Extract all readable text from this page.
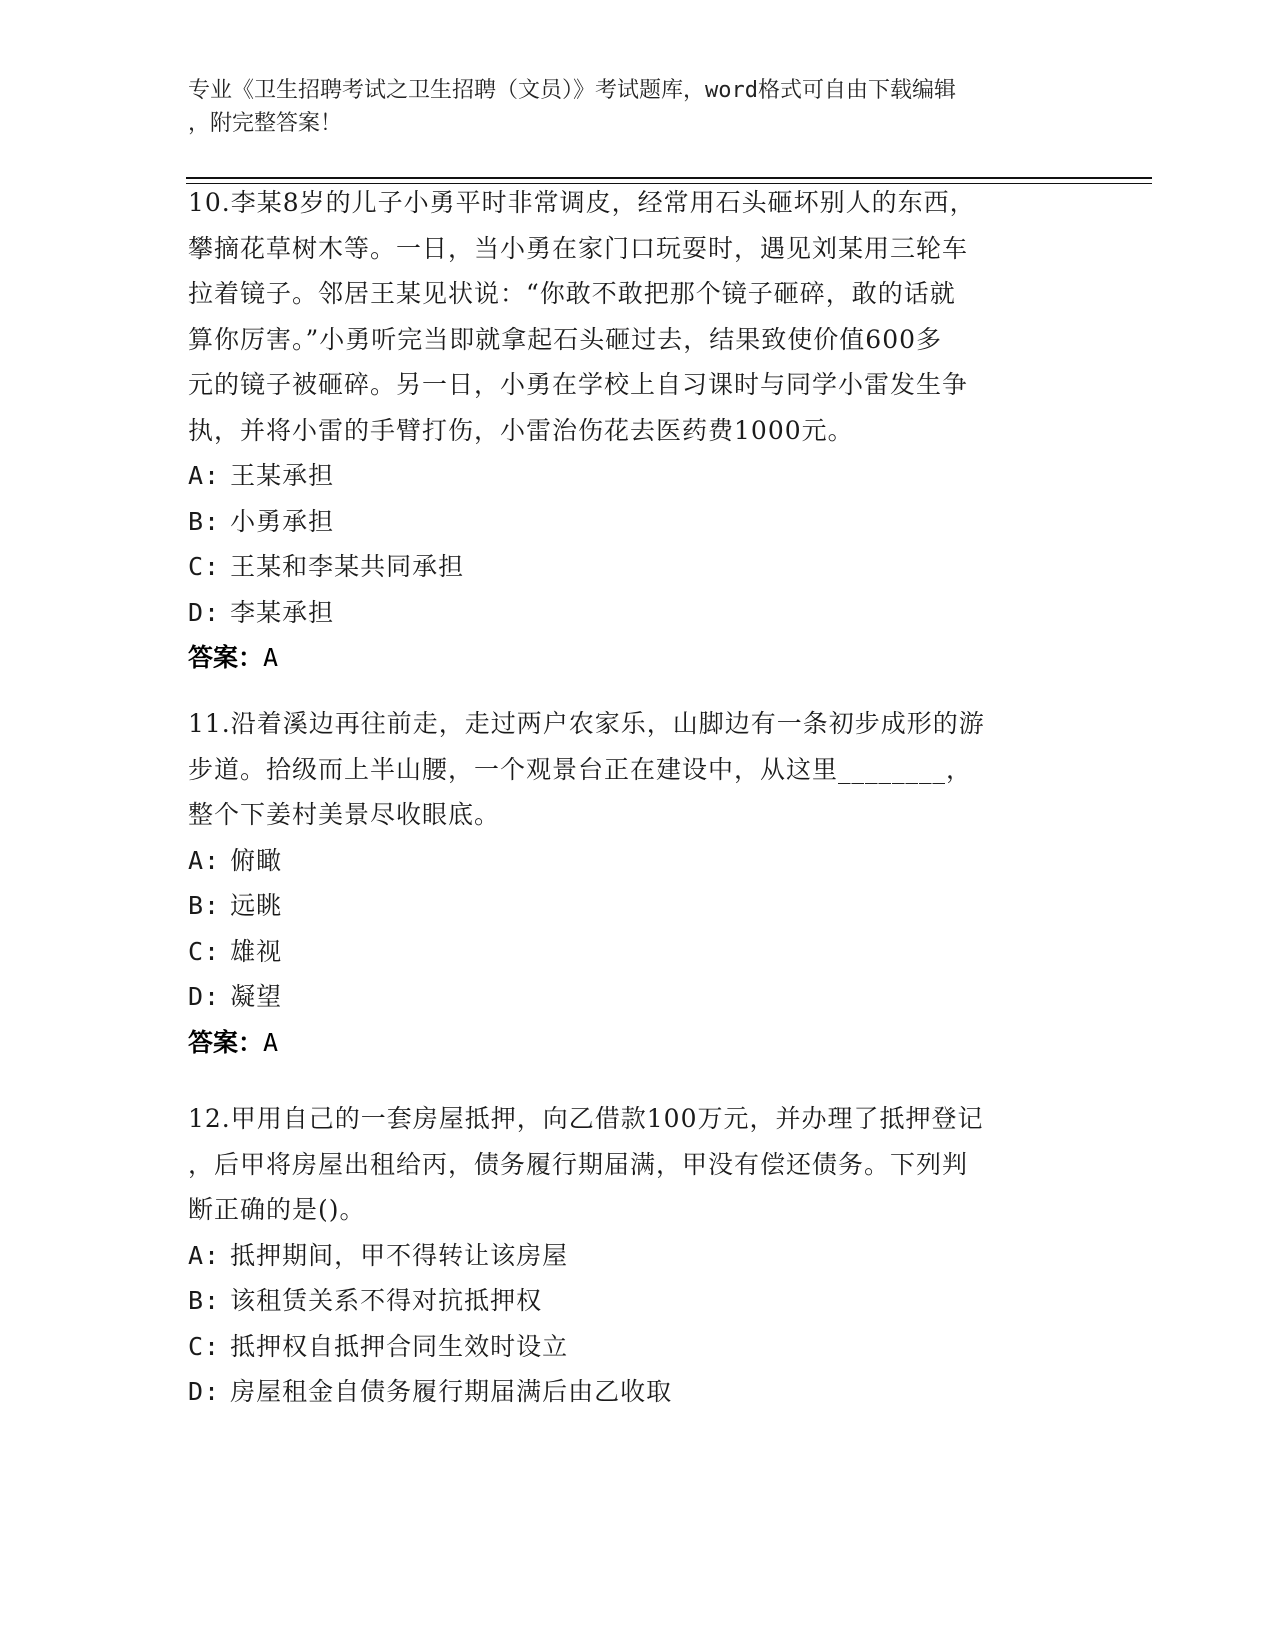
专业《卫生招聘考试之卫生招聘（文员）》考试题库，word格式可自由下载编辑
，附完整答案！

10.李某8岁的儿子小勇平时非常调皮，经常用石头砸坏别人的东西，

攀摘花草树木等。一日，当小勇在家门口玩耍时，遇见刘某用三轮车

拉着镜子。邻居王某见状说：“你敢不敢把那个镜子砸碎，敢的话就

算你厉害。”小勇听完当即就拿起石头砸过去，结果致使价值600多

元的镜子被砸碎。另一日，小勇在学校上自习课时与同学小雷发生争

执，并将小雷的手臂打伤，小雷治伤花去医药费1000元。

A: 王某承担

B: 小勇承担

C: 王某和李某共同承担

D: 李某承担

答案：A

11.沿着溪边再往前走，走过两户农家乐，山脚边有一条初步成形的游

步道。拾级而上半山腰，一个观景台正在建设中，从这里________，

整个下姜村美景尽收眼底。

A: 俯瞰

B: 远眺

C: 雄视

D: 凝望

答案：A

12.甲用自己的一套房屋抵押，向乙借款100万元，并办理了抵押登记

，后甲将房屋出租给丙，债务履行期届满，甲没有偿还债务。下列判

断正确的是()。

A: 抵押期间，甲不得转让该房屋

B: 该租赁关系不得对抗抵押权

C: 抵押权自抵押合同生效时设立

D: 房屋租金自债务履行期届满后由乙收取
